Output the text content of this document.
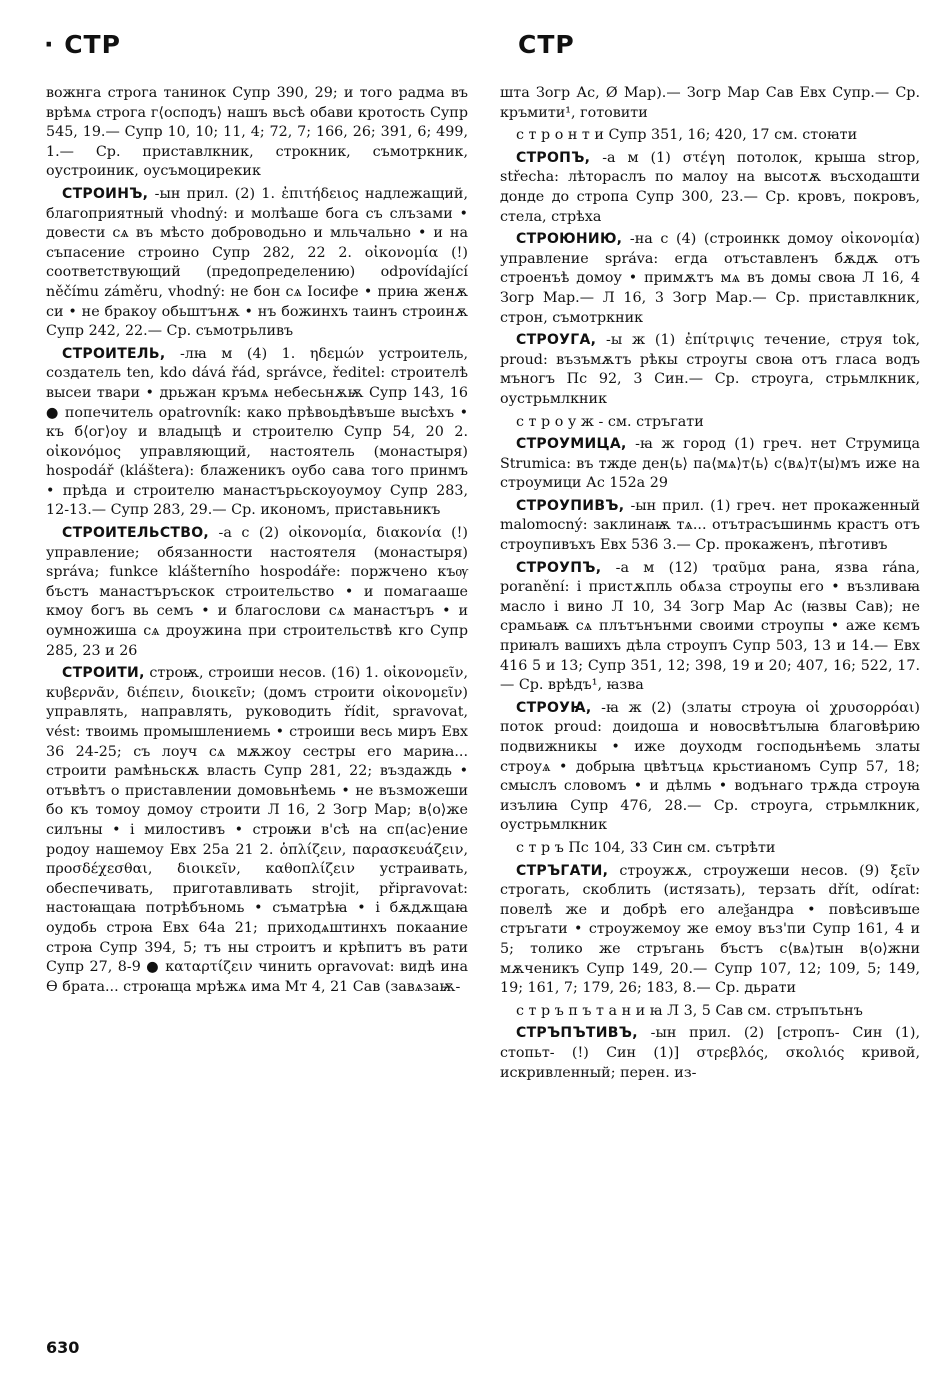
· СТР	СТР

вожнга строга танинок Супр 390, 29; и того радма въ врѣмѧ строга г⟨осподъ⟩ нашъ вьсѣ обави кротость Супр 545, 19.— Супр 10, 10; 11, 4; 72, 7; 166, 26; 391, 6; 499, 1.— Ср. приставлкник, строкник, съмотркник, оустроиник, оусъмоцирекик

СТРОИНЪ, -ын прил. (2) 1. ἐπιτήδειος надлежащий, благоприятный vhodný: и молѣаше бога съ слъзами • довести сѧ въ мѣсто доброводьно и мльчально • и на съпасение строино Супр 282, 22 2. οἰκονομία (!) соответствующий (предопределению) odpovídající něčímu záměru, vhodný: не бон сѧ Іосифе • приꙗ женѫ си • не бракоу обьштънѫ • нъ божинхъ таинъ строинѫ Супр 242, 22.— Ср. съмотрьливъ

СТРОИТЕЛЬ, -лꙗ м (4) 1. ηδεμών устроитель, создатель ten, kdo dává řád, správce, ředitel: строителѣ высеи твари • дрьжан кръмѧ небесьнѫѭ Супр 143, 16 ● попечитель opatrovník: како прѣвоьдѣвъше высѣхъ • къ б⟨ог⟩оу и владыцѣ и строителю Супр 54, 20 2. οἰκονόμος управляющий, настоятель (монастыря) hospodář (kláštera): блаженикъ оубо сава того принмъ • прѣда и строителю манастърьскоуоумоу Супр 283, 12-13.— Супр 283, 29.— Ср. икономъ, приставьникъ

СТРОИТЕЛЬСТВО, -а с (2) οἰκονομία, διακονία (!) управление; обязанности настоятеля (монастыря) správa; funkce klášterního hospodáře: поржчено къѹ бъстъ манастъръскок строительство • и помагааше кмоу богъ вь семъ • и благослови сѧ манастъръ • и оумножиша сѧ дроужина при строительствѣ кго Супр 285, 23 и 26

СТРОИТИ, строѭ, строиши несов. (16) 1. οἰκονομεῖν, κυβερνᾶν, διέπειν, διοικεῖν; (домъ строити οἰκονομεῖν) управлять, направлять, руководить řídit, spravovat, vést: твоимь промышлениемь • строиши весь миръ Евх 36 24-25; съ лоуч сѧ мѫжоу сестры его мариꙗ... строити рамѣньскѫ власть Супр 281, 22; въздаждь • отъвѣтъ о приставлении домовьнѣемь • не възможеши бо къ томоу домоу строити Л 16, 2 Зогр Мар; в⟨о⟩же силъны • і милостивъ • строѭи в'сѣ на сп⟨ас⟩ение родоу нашемоу Евх 25а 21 2. ὁπλίζειν, παρασκευάζειν, προσδέχεσθαι, διοικεῖν, καθοπλίζειν устраивать, обеспечивать, приготавливать strojit, připravovat: настоꙗщаꙗ потрѣбъномь • съматрѣꙗ • і бѫдѫщаꙗ оудобь строꙗ Евх 64а 21; приходѧштинхъ покаание строꙗ Супр 394, 5; тъ ны строитъ и крѣпитъ въ рати Супр 27, 8-9 ● καταρτίζειν чинить opravovat: видѣ ина Ѳ брата... строꙗща мрѣжѧ има Мт 4, 21 Сав (завѧзаѭ-

шта Зогр Ас, Ø Мар).— Зогр Мар Сав Евх Супр.— Ср. кръмити¹, готовити

с т р о н т и Супр 351, 16; 420, 17 см. стоꙗти

СТРОПЪ, -а м (1) στέγη потолок, крыша strop, střecha: лѣтораслъ по малоу на высотѫ въсходашти донде до стропа Супр 300, 23.— Ср. кровъ, покровъ, стела, стрѣха

СТРОЮНИЮ, -на с (4) (строинкк домоу οἰκονομία) управление správa: егда отъставленъ бѫдѫ отъ строенъѣ домоу • примѫтъ мѧ въ домы своꙗ Л 16, 4 Зогр Мар.— Л 16, 3 Зогр Мар.— Ср. приставлкник, строн, съмотркник

СТРОУГА, -ы ж (1) ἐπίτριψις течение, струя tok, proud: възъмѫтъ рѣкы строугы своꙗ отъ гласа водъ мъногъ Пс 92, 3 Син.— Ср. строуга, стрьмлкник, оустрьмлкник

с т р о у ж - см. стръгати

СТРОУМИЦА, -ꙗ ж город (1) греч. нет Струмица Strumica: въ тжде ден⟨ь⟩ па⟨мѧ⟩т⟨ь⟩ с⟨вѧ⟩т⟨ы⟩мъ иже на строумици Ас 152а 29

СТРОУПИВЪ, -ын прил. (1) греч. нет прокаженный malomocný: заклинаѭ тѧ... отътрасъшинмь крастъ отъ строупивъхъ Евх 536 3.— Ср. прокаженъ, пѣготивъ

СТРОУПЪ, -а м (12) τραῦμα рана, язва rána, poranění: і пристѫпль обѧза строупы его • възливаꙗ масло і вино Л 10, 34 Зогр Мар Ас (ꙗзвы Сав); не срамьаѭ сѧ плътънънми своими строупы • аже кємъ приꙗлъ вашихъ дѣла строупъ Супр 503, 13 и 14.— Евх 416 5 и 13; Супр 351, 12; 398, 19 и 20; 407, 16; 522, 17.— Ср. врѣдъ¹, ꙗзва

СТРОУꙖ, -ꙗ ж (2) (златы строуꙗ οἱ χρυσορρόαι) поток proud: доидоша и новосвѣтълыꙗ благовѣрию подвижникы • иже доуходм господьнѣемь златы строуѧ • добрыꙗ цвѣтъцѧ крьстианомъ Супр 57, 18; смыслъ словомъ • и дѣлмь • водънаго трѫда строуꙗ изълиꙗ Супр 476, 28.— Ср. строуга, стрьмлкник, оустрьмлкник

с т р ъ Пс 104, 33 Син см. сътрѣти

СТРЪГАТИ, строужѫ, строужеши несов. (9) ξεῖν строгать, скоблить (истязать), терзать dřít, odírat: повелѣ же и добрѣ его алеѯандра • повѣсивъше стръгати • строужемоу же емоу въз'пи Супр 161, 4 и 5; толико же стръгань бъстъ с⟨вѧ⟩тын в⟨о⟩жни мѫченикъ Супр 149, 20.— Супр 107, 12; 109, 5; 149, 19; 161, 7; 179, 26; 183, 8.— Ср. дьрати

с т р ъ п ъ т а н и ꙗ Л 3, 5 Сав см. стръпътьнъ

СТРЪПЪТИВЪ, -ын прил. (2) [стропъ- Син (1), стопьт- (!) Син (1)] στρεβλός, σκολιός кривой, искривленный; перен. из-

630
